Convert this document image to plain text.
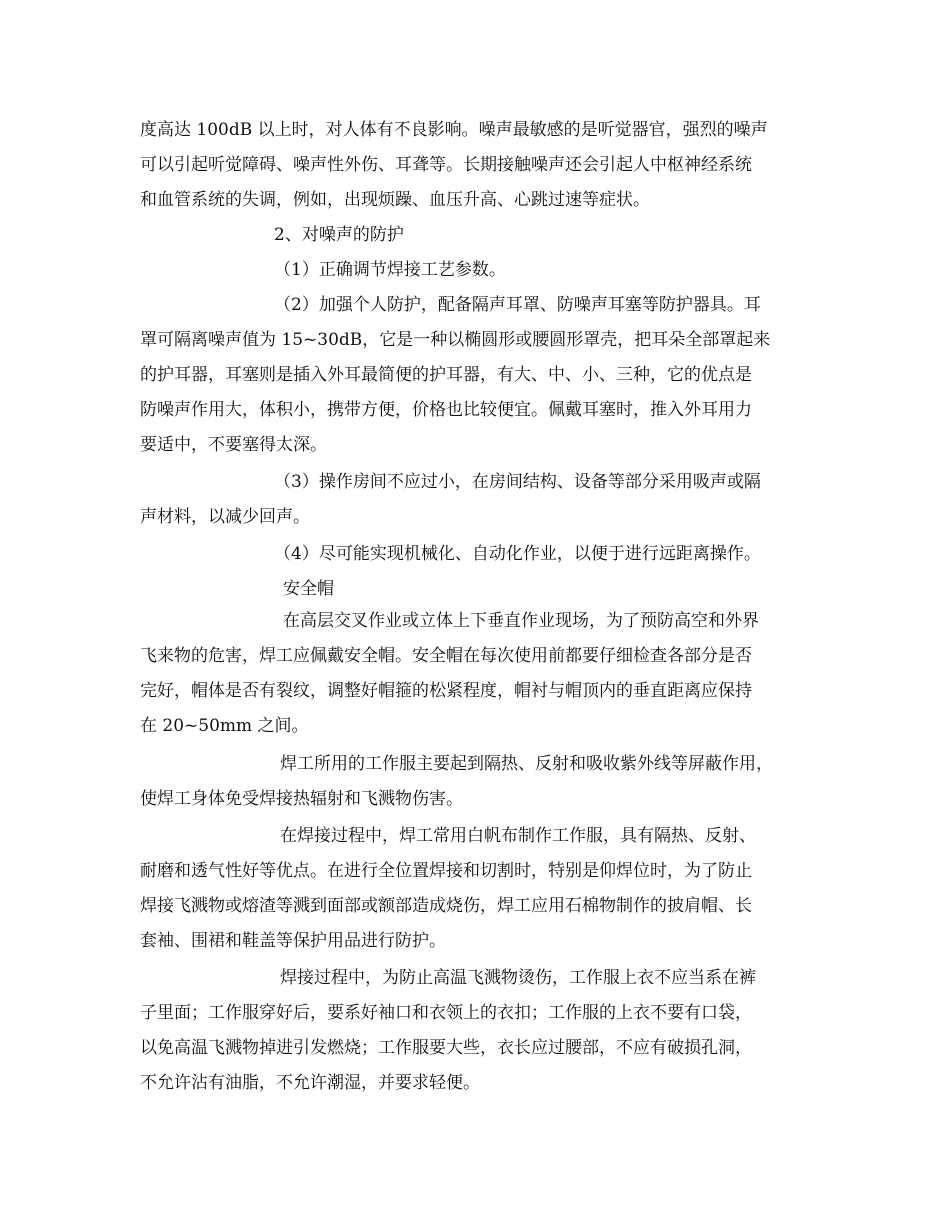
度高达 100dB 以上时，对人体有不良影响。噪声最敏感的是听觉器官，强烈的噪声
可以引起听觉障碍、噪声性外伤、耳聋等。长期接触噪声还会引起人中枢神经系统
和血管系统的失调，例如，出现烦躁、血压升高、心跳过速等症状。
2、对噪声的防护
（1）正确调节焊接工艺参数。
（2）加强个人防护，配备隔声耳罩、防噪声耳塞等防护器具。耳
罩可隔离噪声值为 15~30dB，它是一种以椭圆形或腰圆形罩壳，把耳朵全部罩起来
的护耳器，耳塞则是插入外耳最简便的护耳器，有大、中、小、三种，它的优点是
防噪声作用大，体积小，携带方便，价格也比较便宜。佩戴耳塞时，推入外耳用力
要适中，不要塞得太深。
（3）操作房间不应过小，在房间结构、设备等部分采用吸声或隔
声材料，以减少回声。
（4）尽可能实现机械化、自动化作业，以便于进行远距离操作。
安全帽
在高层交叉作业或立体上下垂直作业现场，为了预防高空和外界
飞来物的危害，焊工应佩戴安全帽。安全帽在每次使用前都要仔细检查各部分是否
完好，帽体是否有裂纹，调整好帽箍的松紧程度，帽衬与帽顶内的垂直距离应保持
在 20~50mm 之间。
焊工所用的工作服主要起到隔热、反射和吸收紫外线等屏蔽作用，
使焊工身体免受焊接热辐射和飞溅物伤害。
在焊接过程中，焊工常用白帆布制作工作服，具有隔热、反射、
耐磨和透气性好等优点。在进行全位置焊接和切割时，特别是仰焊位时，为了防止
焊接飞溅物或熔渣等溅到面部或额部造成烧伤，焊工应用石棉物制作的披肩帽、长
套袖、围裙和鞋盖等保护用品进行防护。
焊接过程中，为防止高温飞溅物烫伤，工作服上衣不应当系在裤
子里面；工作服穿好后，要系好袖口和衣领上的衣扣；工作服的上衣不要有口袋，
以免高温飞溅物掉进引发燃烧；工作服要大些，衣长应过腰部，不应有破损孔洞，
不允许沾有油脂，不允许潮湿，并要求轻便。
